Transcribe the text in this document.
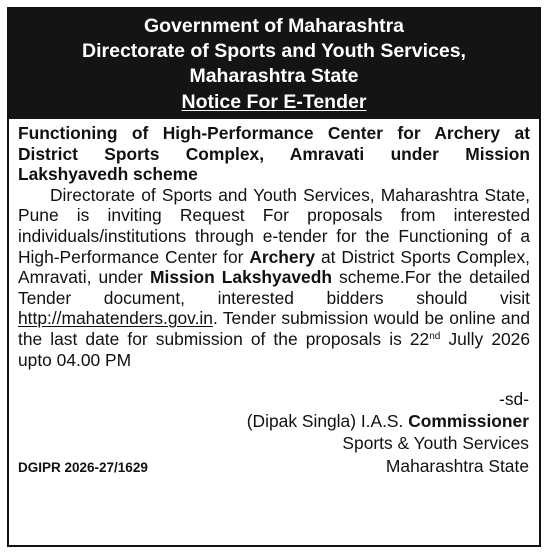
Government of Maharashtra
Directorate of Sports and Youth Services,
Maharashtra State
Notice For E-Tender
Functioning of High-Performance Center for Archery at District Sports Complex, Amravati under Mission Lakshyavedh scheme

Directorate of Sports and Youth Services, Maharashtra State, Pune is inviting Request For proposals from interested individuals/institutions through e-tender for the Functioning of a High-Performance Center for Archery at District Sports Complex, Amravati, under Mission Lakshyavedh scheme.For the detailed Tender document, interested bidders should visit http://mahatenders.gov.in. Tender submission would be online and the last date for submission of the proposals is 22nd Jully 2026 upto 04.00 PM

-sd-
(Dipak Singla) I.A.S. Commissioner
Sports & Youth Services
DGIPR 2026-27/1629	Maharashtra State
